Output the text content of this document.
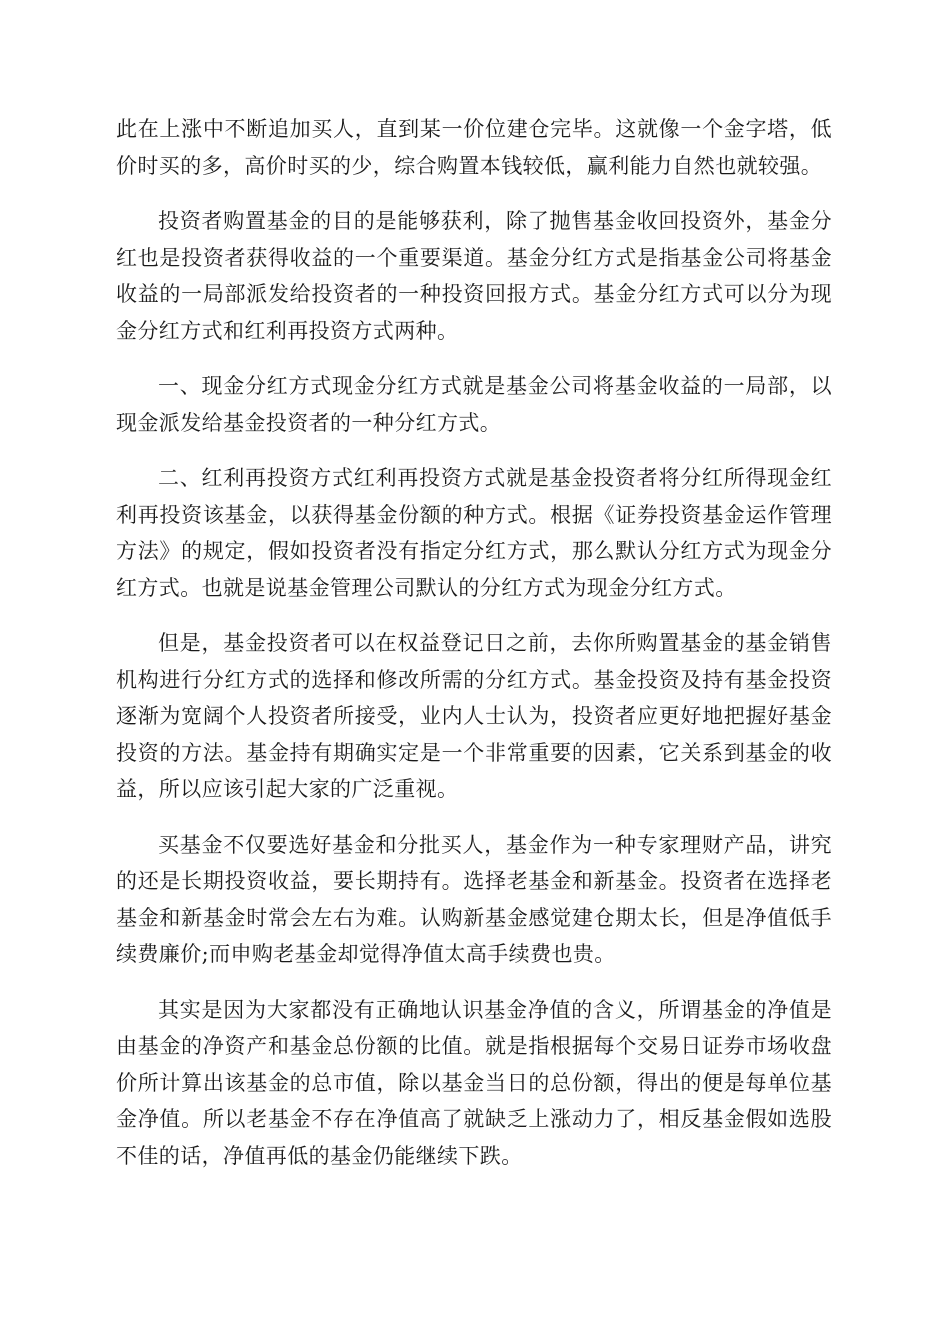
此在上涨中不断追加买人，直到某一价位建仓完毕。这就像一个金字塔，低价时买的多，高价时买的少，综合购置本钱较低，赢利能力自然也就较强。

投资者购置基金的目的是能够获利，除了抛售基金收回投资外，基金分红也是投资者获得收益的一个重要渠道。基金分红方式是指基金公司将基金收益的一局部派发给投资者的一种投资回报方式。基金分红方式可以分为现金分红方式和红利再投资方式两种。

一、现金分红方式现金分红方式就是基金公司将基金收益的一局部，以现金派发给基金投资者的一种分红方式。

二、红利再投资方式红利再投资方式就是基金投资者将分红所得现金红利再投资该基金，以获得基金份额的种方式。根据《证券投资基金运作管理方法》的规定，假如投资者没有指定分红方式，那么默认分红方式为现金分红方式。也就是说基金管理公司默认的分红方式为现金分红方式。

但是，基金投资者可以在权益登记日之前，去你所购置基金的基金销售机构进行分红方式的选择和修改所需的分红方式。基金投资及持有基金投资逐渐为宽阔个人投资者所接受，业内人士认为，投资者应更好地把握好基金投资的方法。基金持有期确实定是一个非常重要的因素，它关系到基金的收益，所以应该引起大家的广泛重视。

买基金不仅要选好基金和分批买人，基金作为一种专家理财产品，讲究的还是长期投资收益，要长期持有。选择老基金和新基金。投资者在选择老基金和新基金时常会左右为难。认购新基金感觉建仓期太长，但是净值低手续费廉价;而申购老基金却觉得净值太高手续费也贵。

其实是因为大家都没有正确地认识基金净值的含义，所谓基金的净值是由基金的净资产和基金总份额的比值。就是指根据每个交易日证券市场收盘价所计算出该基金的总市值，除以基金当日的总份额，得出的便是每单位基金净值。所以老基金不存在净值高了就缺乏上涨动力了，相反基金假如选股不佳的话，净值再低的基金仍能继续下跌。
